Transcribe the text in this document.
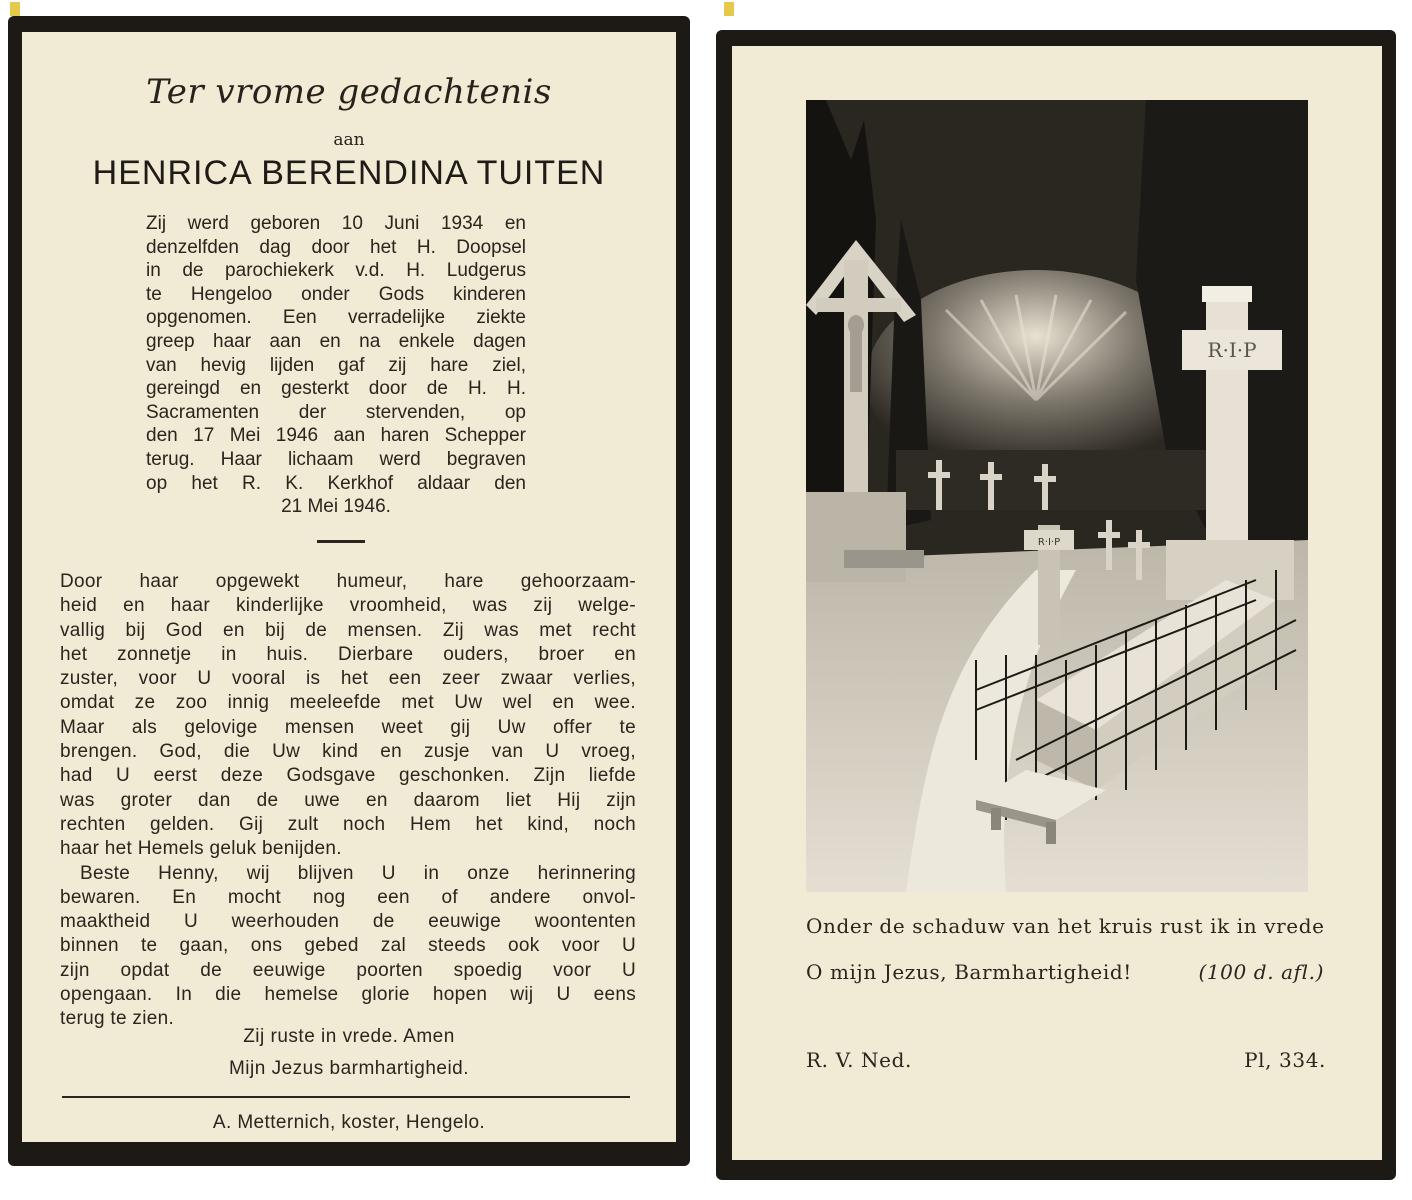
Ter vrome gedachtenis
aan
HENRICA BERENDINA TUITEN

Zij werd geboren 10 Juni 1934 en
denzelfden dag door het H. Doopsel
in de parochiekerk v.d. H. Ludgerus
te Hengeloo onder Gods kinderen
opgenomen. Een verradelijke ziekte
greep haar aan en na enkele dagen
van hevig lijden gaf zij hare ziel,
gereingd en gesterkt door de H. H.
Sacramenten der stervenden, op
den 17 Mei 1946 aan haren Schepper
terug. Haar lichaam werd begraven
op het R. K. Kerkhof aldaar den
21 Mei 1946.

Door haar opgewekt humeur, hare gehoorzaam-
heid en haar kinderlijke vroomheid, was zij welge-
vallig bij God en bij de mensen. Zij was met recht
het zonnetje in huis. Dierbare ouders, broer en
zuster, voor U vooral is het een zeer zwaar verlies,
omdat ze zoo innig meeleefde met Uw wel en wee.
Maar als gelovige mensen weet gij Uw offer te
brengen. God, die Uw kind en zusje van U vroeg,
had U eerst deze Godsgave geschonken. Zijn liefde
was groter dan de uwe en daarom liet Hij zijn
rechten gelden. Gij zult noch Hem het kind, noch
haar het Hemels geluk benijden.
Beste Henny, wij blijven U in onze herinnering
bewaren. En mocht nog een of andere onvol-
maaktheid U weerhouden de eeuwige woontenten
binnen te gaan, ons gebed zal steeds ook voor U
zijn opdat de eeuwige poorten spoedig voor U
opengaan. In die hemelse glorie hopen wij U eens
terug te zien.

Zij ruste in vrede. Amen
Mijn Jezus barmhartigheid.
A. Metternich, koster, Hengelo.
R·I·P
R·I·P
Onder de schaduw van het kruis rust ik in vrede
O mijn Jezus, Barmhartigheid!	(100 d. afl.)
R. V. Ned.	Pl, 334.
